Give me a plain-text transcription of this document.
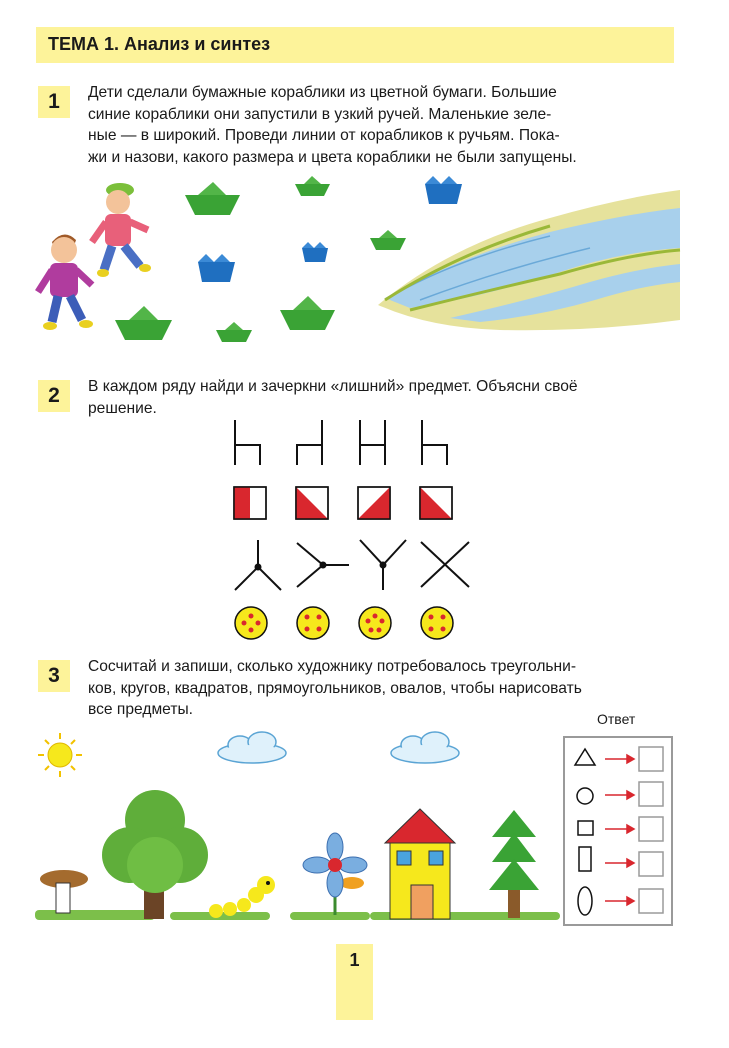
ТЕМА 1. Анализ и синтез
1	Дети сделали бумажные кораблики из цветной бумаги. Большие
синие кораблики они запустили в узкий ручей. Маленькие зеле-
ные — в широкий. Проведи линии от корабликов к ручьям. Пока-
жи и назови, какого размера и цвета кораблики не были запущены.
2	В каждом ряду найди и зачеркни «лишний» предмет. Объясни своё
решение.
3	Сосчитай и запиши, сколько художнику потребовалось треугольни-
ков, кругов, квадратов, прямоугольников, овалов, чтобы нарисовать
все предметы.
Ответ
1
